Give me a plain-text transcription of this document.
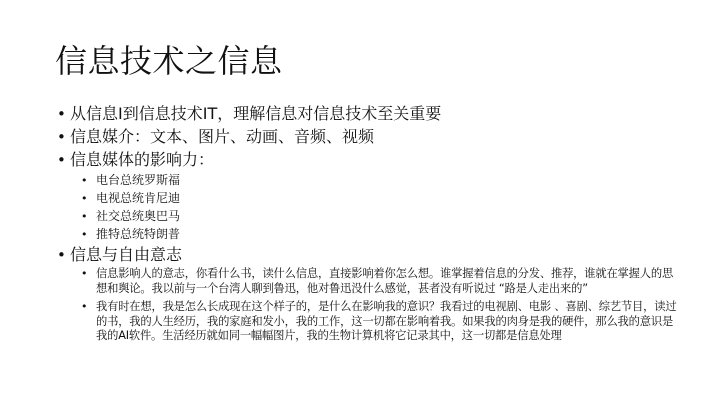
信息技术之信息
• 从信息I到信息技术IT，理解信息对信息技术至关重要
• 信息媒介：文本、图片、动画、音频、视频
• 信息媒体的影响力：
• 电台总统罗斯福
• 电视总统肯尼迪
• 社交总统奥巴马
• 推特总统特朗普
• 信息与自由意志
• 信息影响人的意志，你看什么书，读什么信息，直接影响着你怎么想。谁掌握着信息的分发、推荐，谁就在掌握人的思想和舆论。我以前与一个台湾人聊到鲁迅，他对鲁迅没什么感觉，甚者没有听说过 “路是人走出来的”
• 我有时在想，我是怎么长成现在这个样子的，是什么在影响我的意识？我看过的电视剧、电影 、喜剧、综艺节目，读过的书，我的人生经历，我的家庭和发小，我的工作，这一切都在影响着我。如果我的肉身是我的硬件，那么我的意识是我的AI软件。生活经历就如同一幅幅图片，我的生物计算机将它记录其中，这一切都是信息处理
